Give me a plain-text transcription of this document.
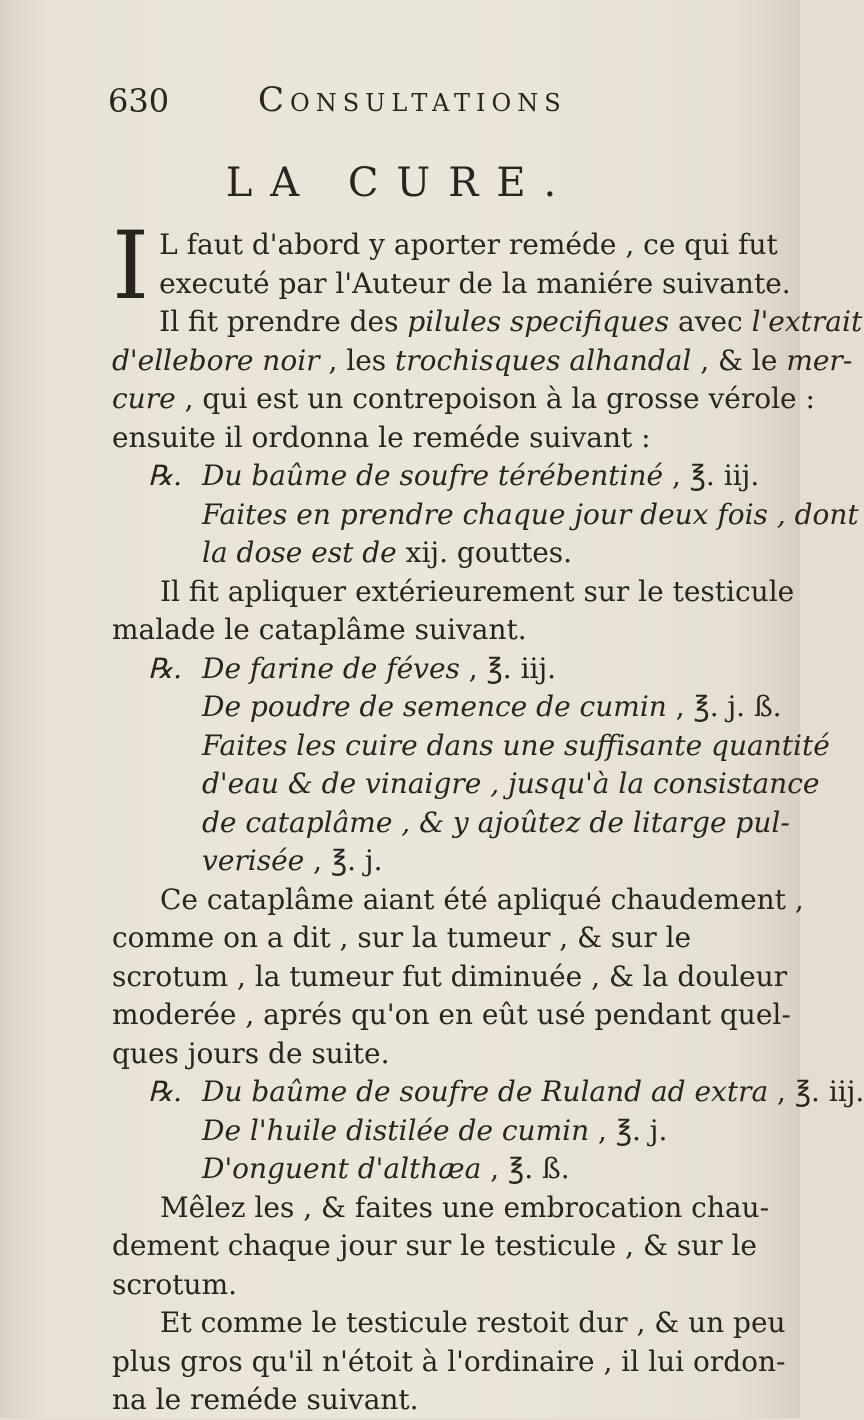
630	Consultations
LA CURE.
I L faut d'abord y aporter reméde , ce qui fut
executé par l'Auteur de la maniére suivante.
Il fit prendre des pilules specifiques avec l'extrait
d'ellebore noir , les trochisques alhandal , & le mer-
cure , qui est un contrepoison à la grosse vérole :
ensuite il ordonna le reméde suivant :
℞. Du baûme de soufre térébentiné , ℥. iij.
Faites en prendre chaque jour deux fois , dont
la dose est de xij. gouttes.
Il fit apliquer extérieurement sur le testicule
malade le cataplâme suivant.
℞. De farine de féves , ℥. iij.
De poudre de semence de cumin , ℥. j. ß.
Faites les cuire dans une suffisante quantité
d'eau & de vinaigre , jusqu'à la consistance
de cataplâme , & y ajoûtez de litarge pul-
verisée , ℥. j.
Ce cataplâme aiant été apliqué chaudement ,
comme on a dit , sur la tumeur , & sur le
scrotum , la tumeur fut diminuée , & la douleur
moderée , aprés qu'on en eût usé pendant quel-
ques jours de suite.
℞. Du baûme de soufre de Ruland ad extra , ℥. iij.
De l'huile distilée de cumin , ℥. j.
D'onguent d'althæa , ℥. ß.
Mêlez les , & faites une embrocation chau-
dement chaque jour sur le testicule , & sur le
scrotum.
Et comme le testicule restoit dur , & un peu
plus gros qu'il n'étoit à l'ordinaire , il lui ordon-
na le reméde suivant.
